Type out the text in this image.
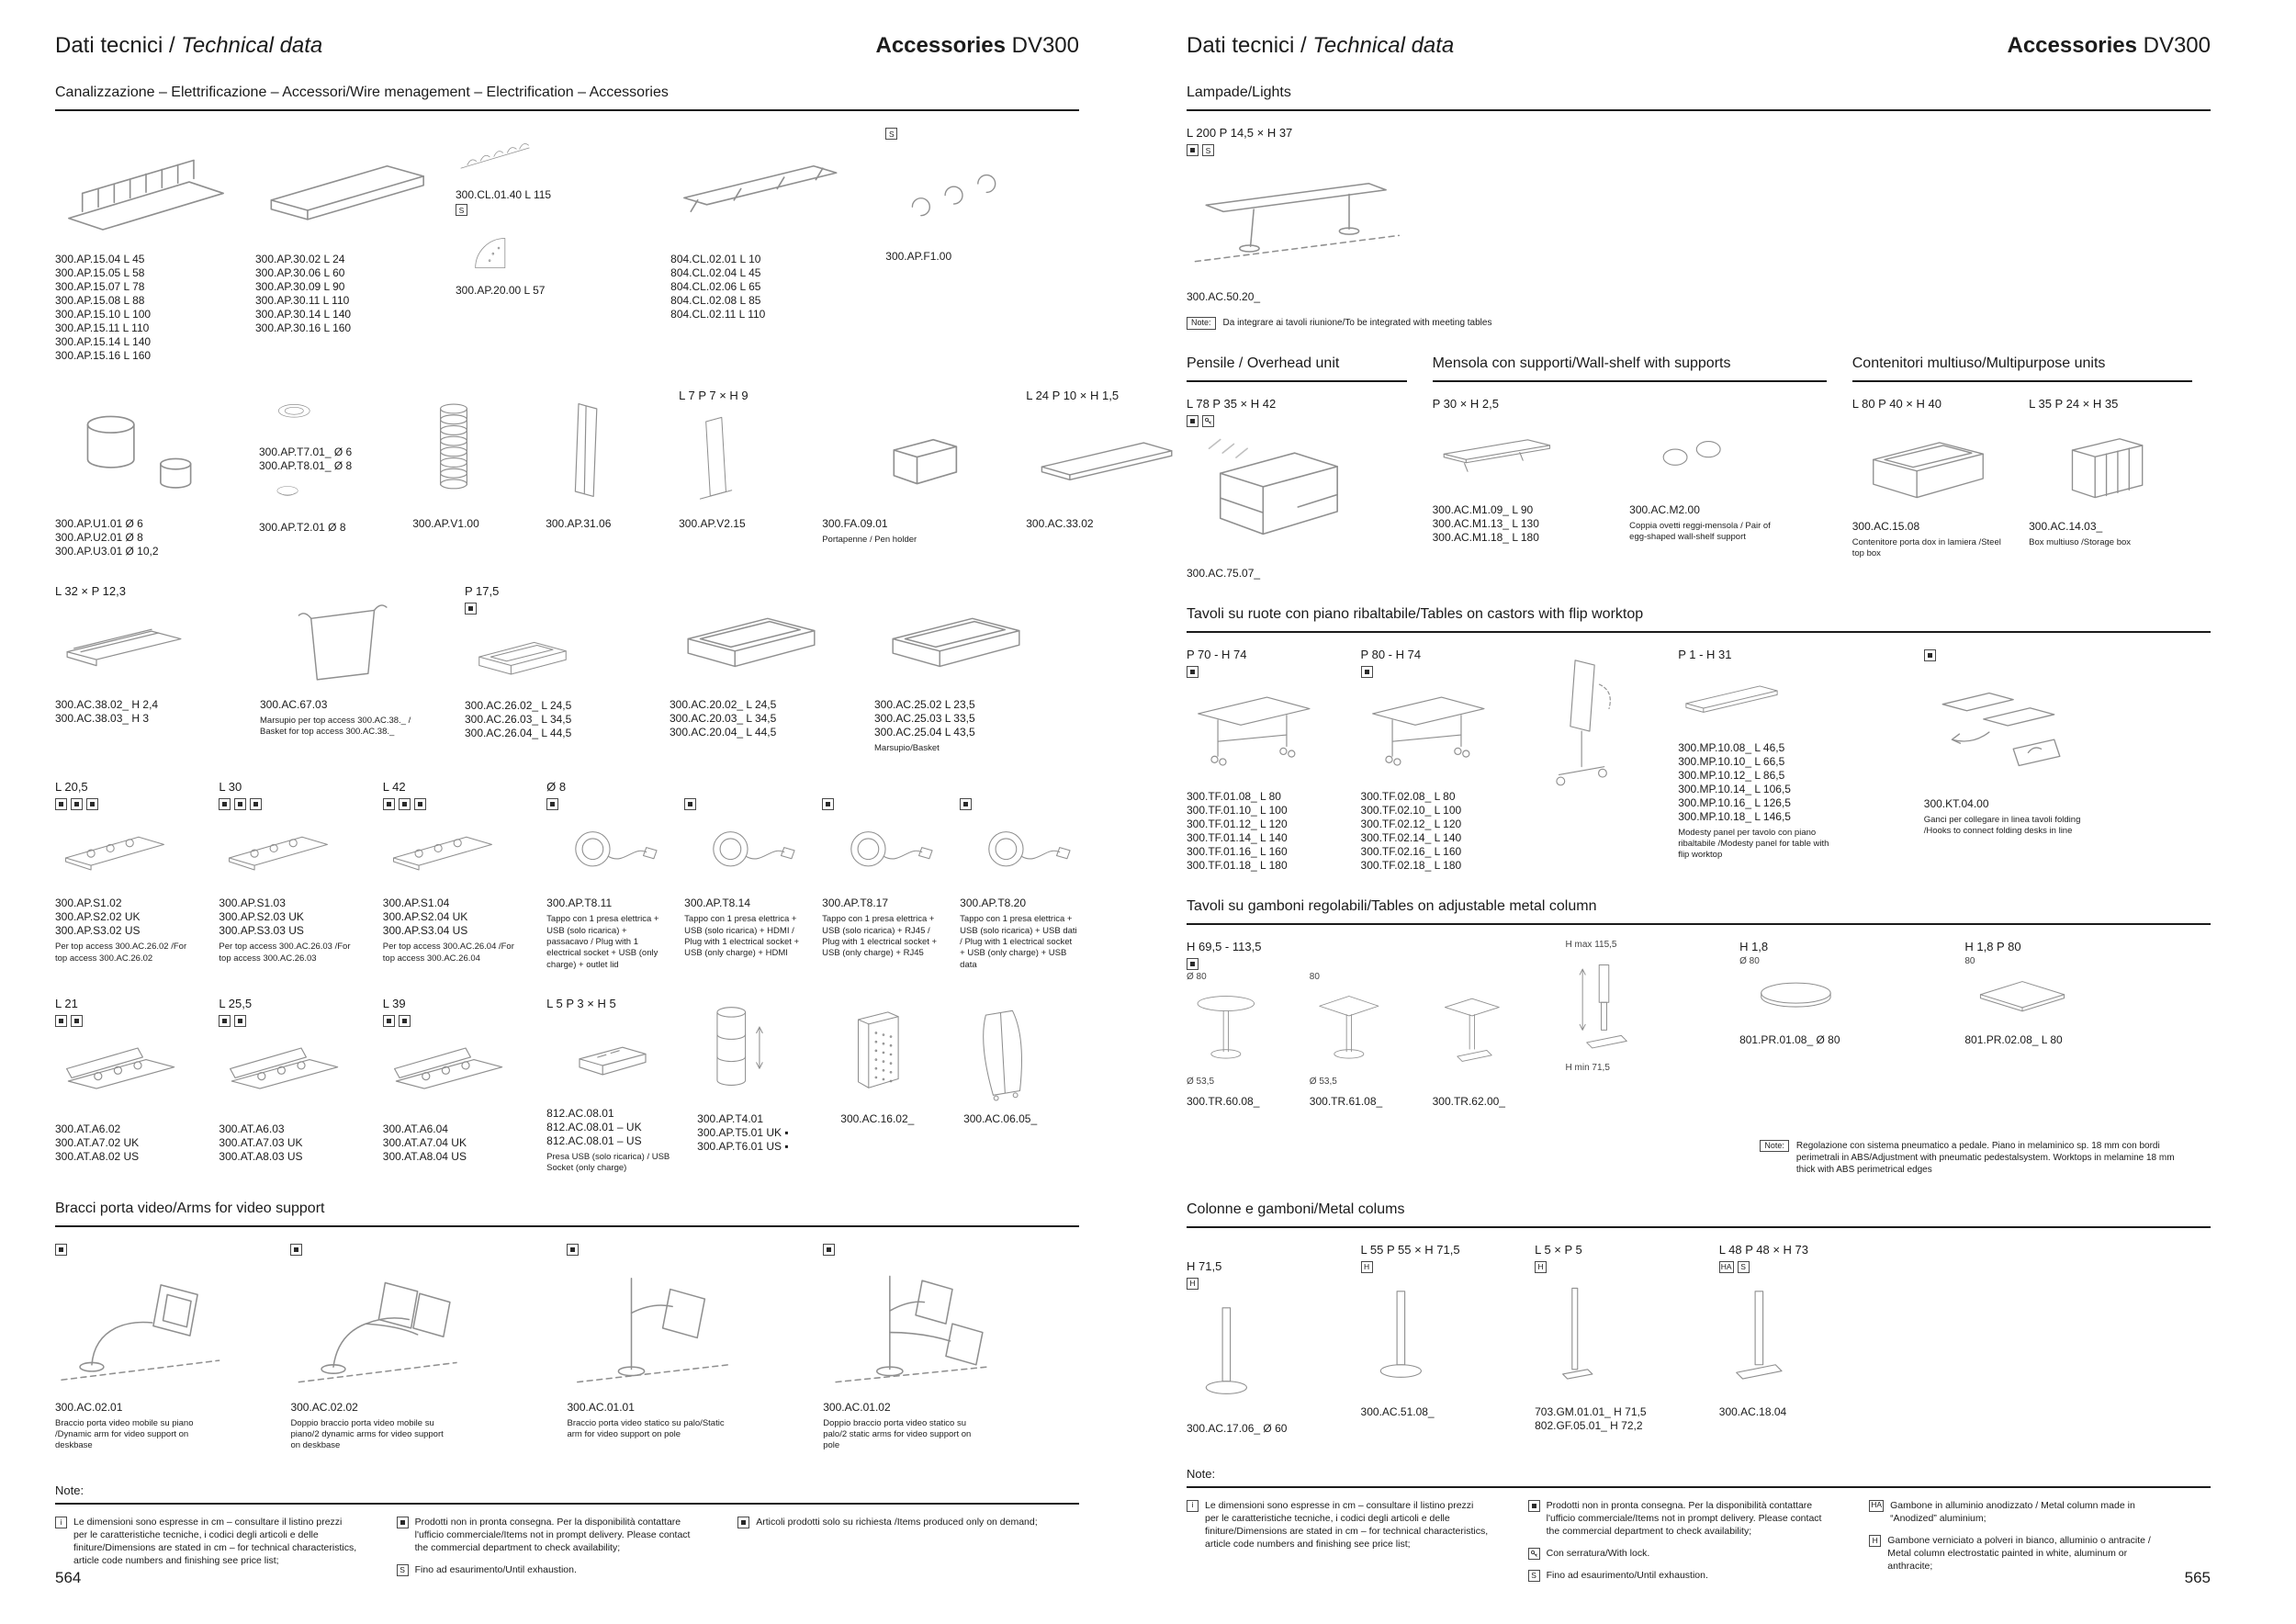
Dati tecnici / Technical data	Accessories DV300
Canalizzazione – Elettrificazione – Accessori/Wire menagement – Electrification – Accessories
300.AP.15.04 L 45
300.AP.15.05 L 58
300.AP.15.07 L 78
300.AP.15.08 L 88
300.AP.15.10 L 100
300.AP.15.11 L 110
300.AP.15.14 L 140
300.AP.15.16 L 160
300.AP.30.02 L 24
300.AP.30.06 L 60
300.AP.30.09 L 90
300.AP.30.11 L 110
300.AP.30.14 L 140
300.AP.30.16 L 160
300.CL.01.40 L 115
S
300.AP.20.00 L 57
804.CL.02.01 L 10
804.CL.02.04 L 45
804.CL.02.06 L 65
804.CL.02.08 L 85
804.CL.02.11 L 110
S
300.AP.F1.00
300.AP.U1.01 Ø 6
300.AP.U2.01 Ø 8
300.AP.U3.01 Ø 10,2
300.AP.T7.01_ Ø 6
300.AP.T8.01_ Ø 8
300.AP.T2.01 Ø 8	300.AP.V1.00	300.AP.31.06
L 7 P 7 × H 9
300.AP.V2.15	300.FA.09.01
Portapenne / Pen holder
L 24 P 10 × H 1,5
300.AC.33.02
L 32 × P 12,3
300.AC.38.02_ H 2,4
300.AC.38.03_ H 3
300.AC.67.03
Marsupio per top access 300.AC.38._ / Basket for top access 300.AC.38._
P 17,5
300.AC.26.02_ L 24,5
300.AC.26.03_ L 34,5
300.AC.26.04_ L 44,5
300.AC.20.02_ L 24,5
300.AC.20.03_ L 34,5
300.AC.20.04_ L 44,5
300.AC.25.02 L 23,5
300.AC.25.03 L 33,5
300.AC.25.04 L 43,5
Marsupio/Basket
L 20,5
300.AP.S1.02
300.AP.S2.02 UK
300.AP.S3.02 US
Per top access 300.AC.26.02 /For top access 300.AC.26.02
L 30
300.AP.S1.03
300.AP.S2.03 UK
300.AP.S3.03 US
Per top access 300.AC.26.03 /For top access 300.AC.26.03
L 42
300.AP.S1.04
300.AP.S2.04 UK
300.AP.S3.04 US
Per top access 300.AC.26.04 /For top access 300.AC.26.04
Ø 8
300.AP.T8.11
Tappo con 1 presa elettrica + USB (solo ricarica) + passacavo / Plug with 1 electrical socket + USB (only charge) + outlet lid
300.AP.T8.14
Tappo con 1 presa elettrica + USB (solo ricarica) + HDMI / Plug with 1 electrical socket + USB (only charge) + HDMI
300.AP.T8.17
Tappo con 1 presa elettrica + USB (solo ricarica) + RJ45 / Plug with 1 electrical socket + USB (only charge) + RJ45
300.AP.T8.20
Tappo con 1 presa elettrica + USB (solo ricarica) + USB dati / Plug with 1 electrical socket + USB (only charge) + USB data
L 21
300.AT.A6.02
300.AT.A7.02 UK
300.AT.A8.02 US
L 25,5
300.AT.A6.03
300.AT.A7.03 UK
300.AT.A8.03 US
L 39
300.AT.A6.04
300.AT.A7.04 UK
300.AT.A8.04 US
L 5 P 3 × H 5
812.AC.08.01
812.AC.08.01 – UK
812.AC.08.01 – US
Presa USB (solo ricarica) / USB Socket (only charge)
300.AP.T4.01
300.AP.T5.01 UK ▪
300.AP.T6.01 US ▪
300.AC.16.02_	300.AC.06.05_
Bracci porta video/Arms for video support
300.AC.02.01
Braccio porta video mobile su piano /Dynamic arm for video support on deskbase
300.AC.02.02
Doppio braccio porta video mobile su piano/2 dynamic arms for video support on deskbase
300.AC.01.01
Braccio porta video statico su palo/Static arm for video support on pole
300.AC.01.02
Doppio braccio porta video statico su palo/2 static arms for video support on pole
Note:
i	Le dimensioni sono espresse in cm – consultare il listino prezzi per le caratteristiche tecniche, i codici degli articoli e delle finiture/Dimensions are stated in cm – for technical characteristics, article code numbers and finishing see price list;
Prodotti non in pronta consegna. Per la disponibilità contattare l'ufficio commerciale/Items not in prompt delivery. Please contact the commercial department to check availability;
S	Fino ad esaurimento/Until exhaustion.
Articoli prodotti solo su richiesta /Items produced only on demand;
564
Dati tecnici / Technical data	Accessories DV300
Lampade/Lights
L 200 P 14,5 × H 37
S
300.AC.50.20_
Note:	Da integrare ai tavoli riunione/To be integrated with meeting tables
Pensile / Overhead unit
L 78 P 35 × H 42
300.AC.75.07_
Mensola con supporti/Wall-shelf with supports
P 30 × H 2,5
300.AC.M1.09_ L 90
300.AC.M1.13_ L 130
300.AC.M1.18_ L 180
300.AC.M2.00
Coppia ovetti reggi-mensola / Pair of egg-shaped wall-shelf support
Contenitori multiuso/Multipurpose units
L 80 P 40 × H 40
300.AC.15.08
Contenitore porta dox in lamiera /Steel top box
L 35 P 24 × H 35
300.AC.14.03_
Box multiuso /Storage box
Tavoli su ruote con piano ribaltabile/Tables on castors with flip worktop
P 70 - H 74
300.TF.01.08_ L 80
300.TF.01.10_ L 100
300.TF.01.12_ L 120
300.TF.01.14_ L 140
300.TF.01.16_ L 160
300.TF.01.18_ L 180
P 80 - H 74
300.TF.02.08_ L 80
300.TF.02.10_ L 100
300.TF.02.12_ L 120
300.TF.02.14_ L 140
300.TF.02.16_ L 160
300.TF.02.18_ L 180
P 1 - H 31
300.MP.10.08_ L 46,5
300.MP.10.10_ L 66,5
300.MP.10.12_ L 86,5
300.MP.10.14_ L 106,5
300.MP.10.16_ L 126,5
300.MP.10.18_ L 146,5
Modesty panel per tavolo con piano ribaltabile /Modesty panel for table with flip worktop
300.KT.04.00
Ganci per collegare in linea tavoli folding /Hooks to connect folding desks in line
Tavoli su gamboni regolabili/Tables on adjustable metal column
H 69,5 - 113,5
Ø 80
Ø 53,5
300.TR.60.08_
80
Ø 53,5
300.TR.61.08_	300.TR.62.00_
H max 115,5
H min 71,5
H 1,8
Ø 80
801.PR.01.08_ Ø 80
H 1,8 P 80
80
801.PR.02.08_ L 80
Note:	Regolazione con sistema pneumatico a pedale. Piano in melaminico sp. 18 mm con bordi perimetrali in ABS/Adjustment with pneumatic pedestalsystem. Worktops in melamine 18 mm thick with ABS perimetrical edges
Colonne e gamboni/Metal colums
H 71,5
H
300.AC.17.06_ Ø 60
L 55 P 55 × H 71,5
H
300.AC.51.08_
L 5 × P 5
H
703.GM.01.01_ H 71,5
802.GF.05.01_ H 72,2
L 48 P 48 × H 73
HA	S
300.AC.18.04
Note:
i	Le dimensioni sono espresse in cm – consultare il listino prezzi per le caratteristiche tecniche, i codici degli articoli e delle finiture/Dimensions are stated in cm – for technical characteristics, article code numbers and finishing see price list;
Prodotti non in pronta consegna. Per la disponibilità contattare l'ufficio commerciale/Items not in prompt delivery. Please contact the commercial department to check availability;
Con serratura/With lock.
S	Fino ad esaurimento/Until exhaustion.
HA Gambone in alluminio anodizzato / Metal column made in “Anodized” aluminium;
H Gambone verniciato a polveri in bianco, alluminio o antracite / Metal column electrostatic painted in white, aluminum or anthracite;
565
